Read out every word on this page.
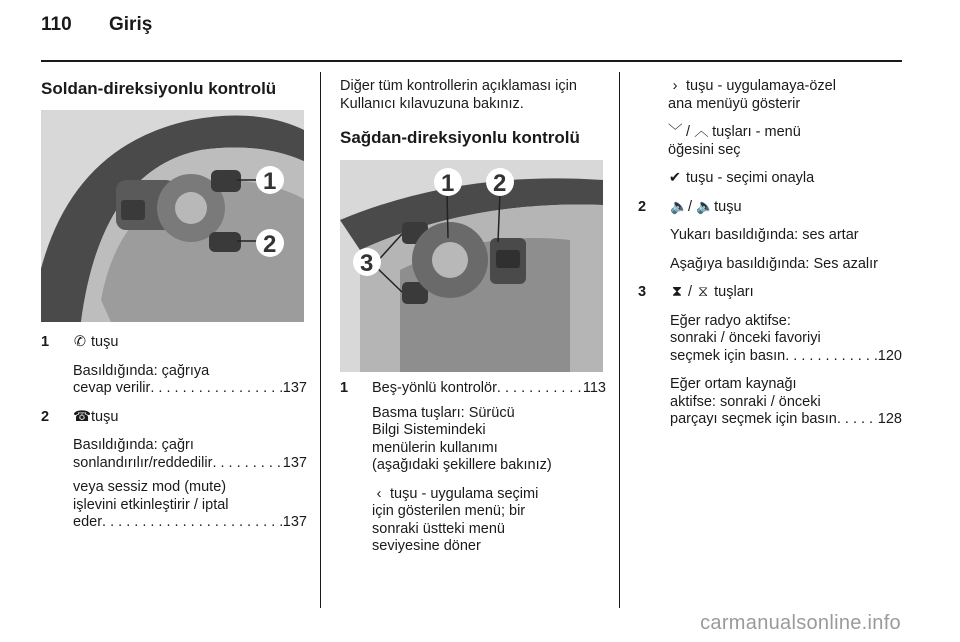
110 Giriş
Soldan-direksiyonlu kontrolü
1
2
1 ✆ tuşu

Basıldığında: çağrıya

cevap verilir . . .	137
2 ☎ tuşu

Basıldığında: çağrı

sonlandırılır/reddedilir . . .	137

veya sessiz mod (mute)

işlevini etkinleştirir / iptal

eder . . .	137

Diğer tüm kontrollerin açıklaması için

Kullanıcı kılavuzuna bakınız.

Sağdan-direksiyonlu kontrolü
1 2
3
1 Beş-yönlü kontrolör . . .	113

Basma tuşları: Sürücü

Bilgi Sistemindeki

menülerin kullanımı

(aşağıdaki şekillere bakınız)

‹ tuşu - uygulama seçimi

için gösterilen menü; bir

sonraki üstteki menü

seviyesine döner

› tuşu - uygulamaya-özel

ana menüyü gösterir

﹀ / ︿ tuşları - menü

öğesini seç

✔ tuşu - seçimi onayla

2 🔈 / 🔈 tuşu

Yukarı basıldığında: ses artar

Aşağıya basıldığında: Ses azalır

3 ⧗ / ⧖ tuşları

Eğer radyo aktifse:

sonraki / önceki favoriyi

seçmek için basın . . .	120

Eğer ortam kaynağı

aktifse: sonraki / önceki

parçayı seçmek için basın . . .	128
carmanualsonline.info
